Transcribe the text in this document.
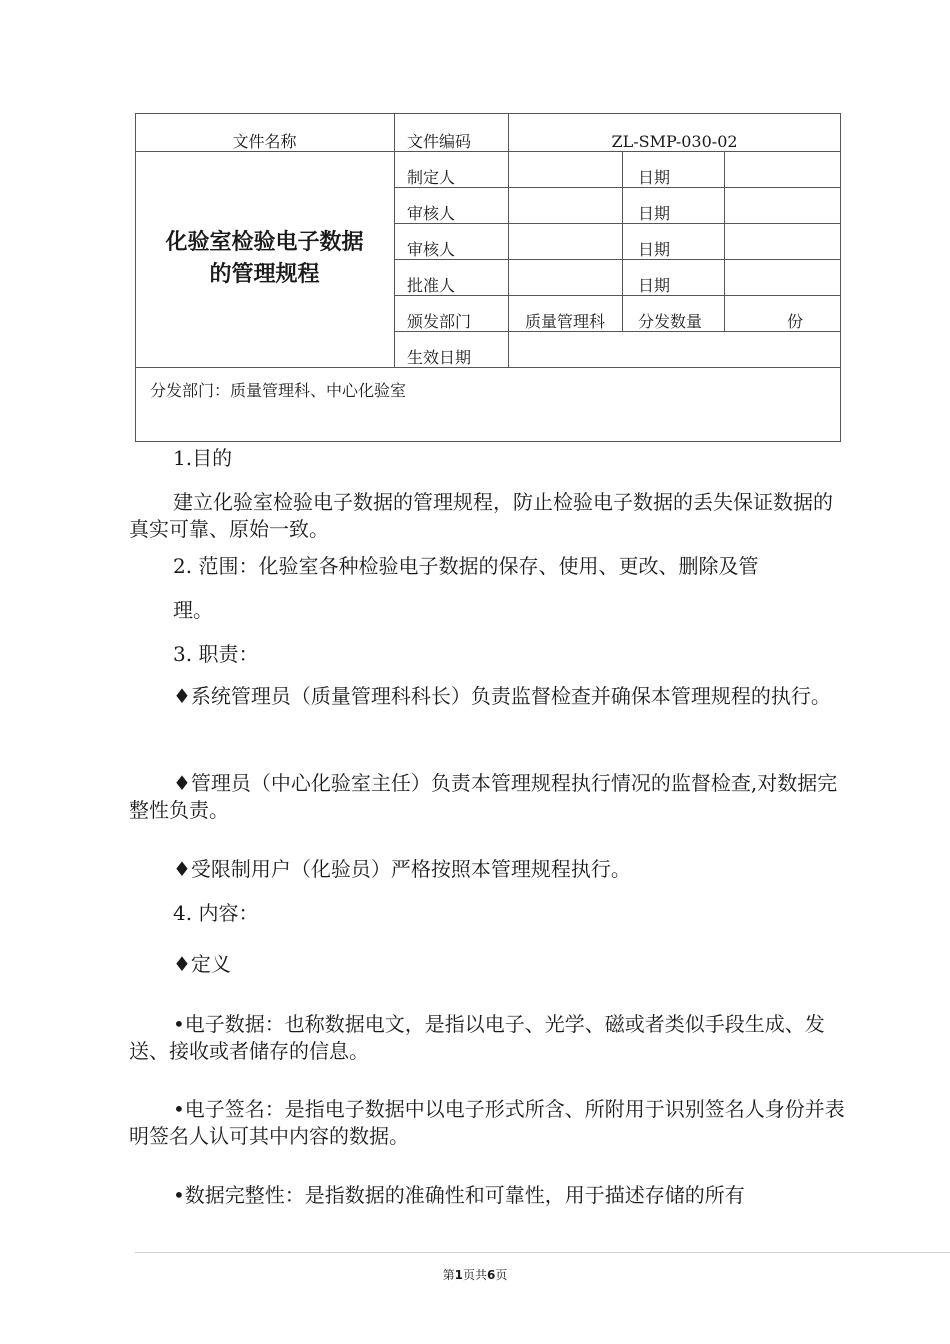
文件名称	文件编码	ZL-SMP-030-02
化验室检验电子数据
的管理规程
制定人	日期
审核人	日期
审核人	日期
批准人	日期
颁发部门	质量管理科	分发数量	份
生效日期
分发部门：质量管理科、中心化验室
1.目的
建立化验室检验电子数据的管理规程，防止检验电子数据的丢失保证数据的真实可靠、原始一致。
2. 范围：化验室各种检验电子数据的保存、使用、更改、删除及管
理。
3. 职责：
♦系统管理员（质量管理科科长）负责监督检查并确保本管理规程的执行。
♦管理员（中心化验室主任）负责本管理规程执行情况的监督检查,对数据完整性负责。
♦受限制用户（化验员）严格按照本管理规程执行。
4. 内容：
♦定义
•电子数据：也称数据电文，是指以电子、光学、磁或者类似手段生成、发送、接收或者储存的信息。
•电子签名：是指电子数据中以电子形式所含、所附用于识别签名人身份并表明签名人认可其中内容的数据。
•数据完整性：是指数据的准确性和可靠性，用于描述存储的所有
第1页共6页
